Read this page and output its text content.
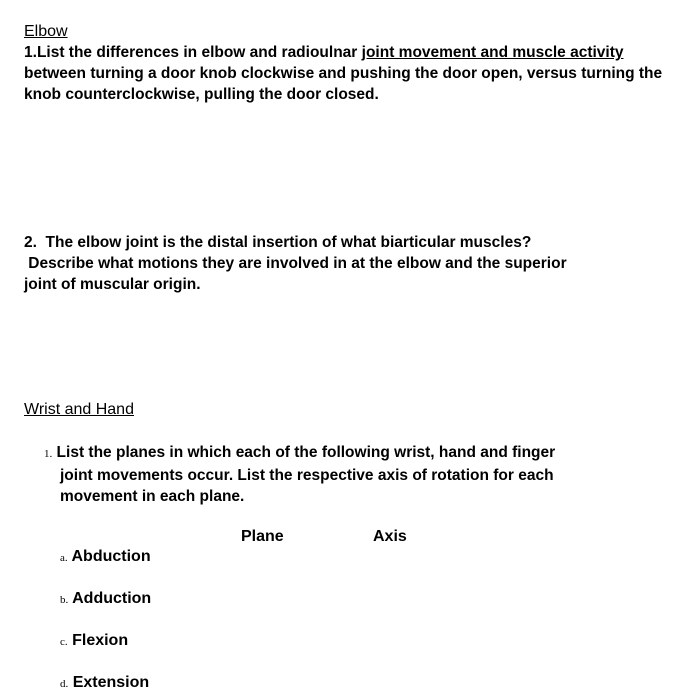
Elbow
1.List the differences in elbow and radioulnar joint movement and muscle activity between turning a door knob clockwise and pushing the door open, versus turning the knob counterclockwise, pulling the door closed.
2.  The elbow joint is the distal insertion of what biarticular muscles?
Describe what motions they are involved in at the elbow and the superior
joint of muscular origin.
Wrist and Hand
1. List the planes in which each of the following wrist, hand and finger
joint movements occur. List the respective axis of rotation for each
movement in each plane.
Plane	Axis
a. Abduction
b. Adduction
c. Flexion
d. Extension
